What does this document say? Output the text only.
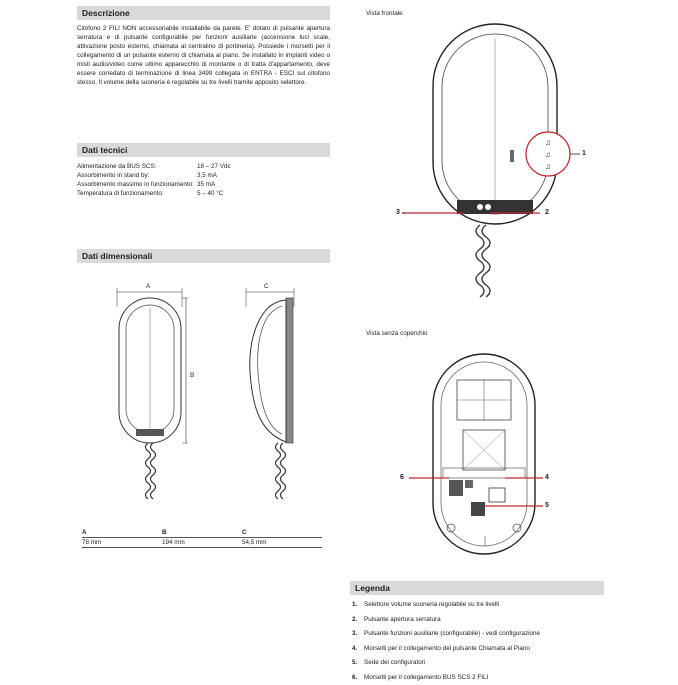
Descrizione
Citofono 2 FILI NON accessoriabile installabile da parete. E' dotato di pulsante apertura serratura e di pulsante configurabile per funzioni ausiliarie (accensione luci scale, attivazione posto esterno, chiamata al centralino di portineria). Possiede i morsetti per il collegamento di un pulsante esterno di chiamata al piano. Se installato in impianti video o misti audio/video come ultimo apparecchio di montante o di tratta d'appartamento, deve essere corredato di terminazione di linea 3499 collegata in ENTRA - ESCI sul citofono stesso. Il volume della suoneria è regolabile su tre livelli tramite apposito selettore.
Dati tecnici
Alimentazione da BUS SCS:	18 – 27 Vdc
Assorbimento in stand by:	3,5 mA
Assorbimento massimo in funzionamento: 35 mA
Temperatura di funzionamento:	5 – 40 °C
Dati dimensionali
A
B
C
A	B	C
78 mm	194 mm	54,5 mm
Vista frontale
♫
♫
♫
1
2
3
Vista senza coperchio
4
5
6
Legenda
1.	Selettore volume suoneria regolabile su tre livelli
2.	Pulsante apertura serratura
3.	Pulsante funzioni ausiliarie (configurabile) - vedi configurazione
4.	Morsetti per il collegamento del pulsante Chiamata al Piano
5.	Sede dei configuratori
6.	Morsetti per il collegamento BUS SCS 2 FILI
